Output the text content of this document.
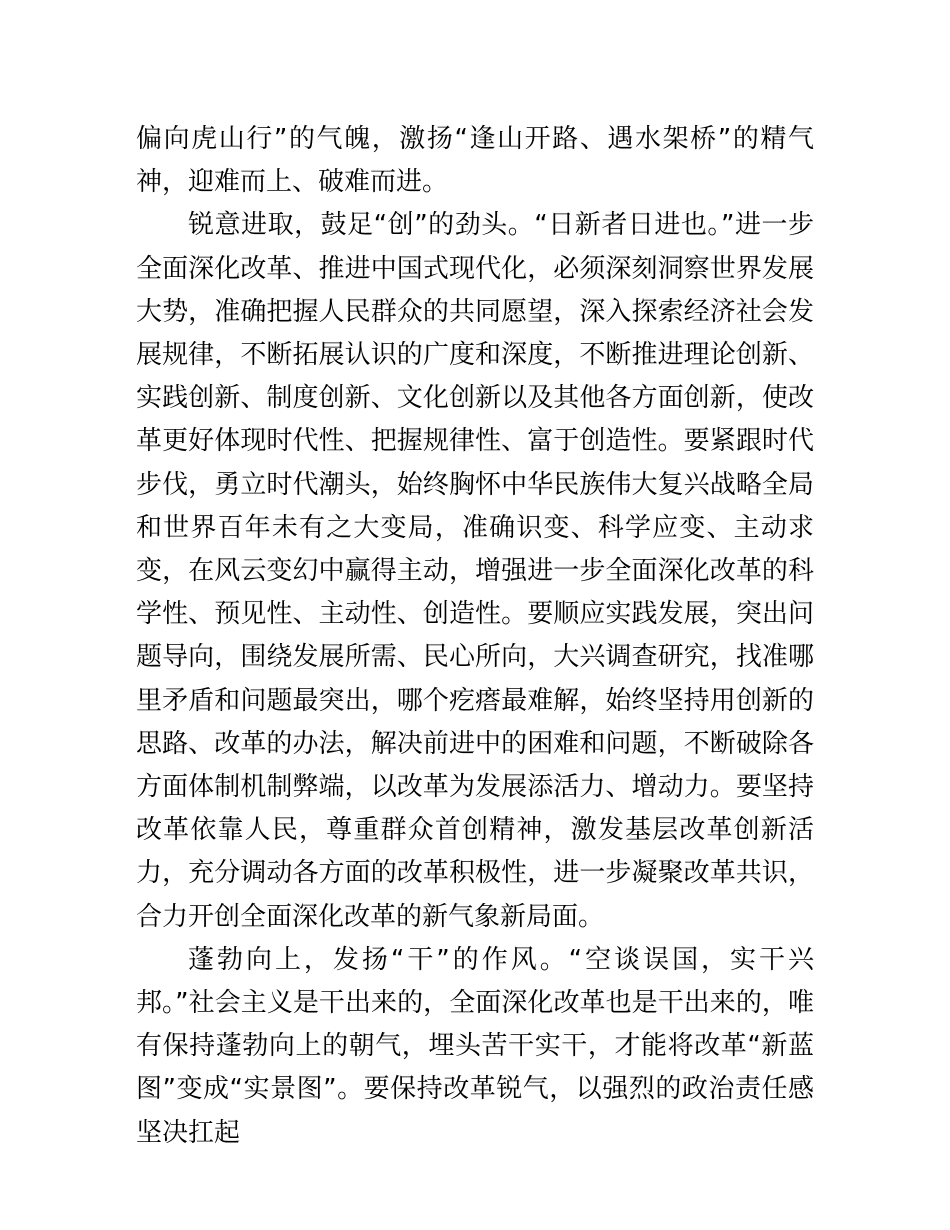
偏向虎山行”的气魄，激扬“逢山开路、遇水架桥”的精气神，迎难而上、破难而进。

锐意进取，鼓足“创”的劲头。“日新者日进也。”进一步全面深化改革、推进中国式现代化，必须深刻洞察世界发展大势，准确把握人民群众的共同愿望，深入探索经济社会发展规律，不断拓展认识的广度和深度，不断推进理论创新、实践创新、制度创新、文化创新以及其他各方面创新，使改革更好体现时代性、把握规律性、富于创造性。要紧跟时代步伐，勇立时代潮头，始终胸怀中华民族伟大复兴战略全局和世界百年未有之大变局，准确识变、科学应变、主动求变，在风云变幻中赢得主动，增强进一步全面深化改革的科学性、预见性、主动性、创造性。要顺应实践发展，突出问题导向，围绕发展所需、民心所向，大兴调查研究，找准哪里矛盾和问题最突出，哪个疙瘩最难解，始终坚持用创新的思路、改革的办法，解决前进中的困难和问题，不断破除各方面体制机制弊端，以改革为发展添活力、增动力。要坚持改革依靠人民，尊重群众首创精神，激发基层改革创新活力，充分调动各方面的改革积极性，进一步凝聚改革共识，合力开创全面深化改革的新气象新局面。

蓬勃向上，发扬“干”的作风。“空谈误国，实干兴邦。”社会主义是干出来的，全面深化改革也是干出来的，唯有保持蓬勃向上的朝气，埋头苦干实干，才能将改革“新蓝图”变成“实景图”。要保持改革锐气，以强烈的政治责任感坚决扛起
